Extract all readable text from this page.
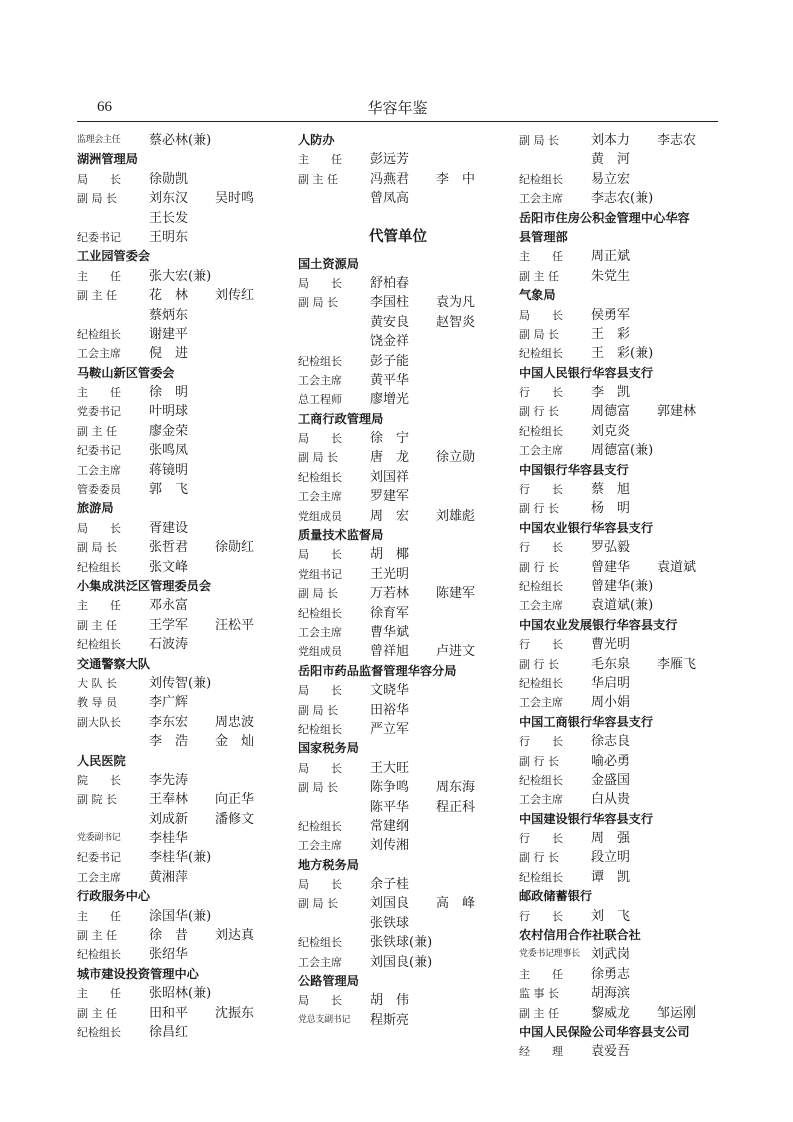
66	华容年鉴
监理会主任 蔡必林(兼)
湖洲管理局
局　　长 徐勋凯
副 局 长 刘东汉 吴时鸣
王长发
纪委书记 王明东
工业园管委会
主　　任 张大宏(兼)
副 主 任 花　林 刘传红
蔡炳东
纪检组长 谢建平
工会主席 倪　进
马鞍山新区管委会
主　　任 徐　明
党委书记 叶明球
副 主 任 廖金荣
纪委书记 张鸣凤
工会主席 蒋镜明
管委委员 郭　飞
旅游局
局　　长 胥建设
副 局 长 张哲君 徐勋红
纪检组长 张文峰
小集成洪泛区管理委员会
主　　任 邓永富
副 主 任 王学军 汪松平
纪检组长 石波涛
交通警察大队
大 队 长 刘传智(兼)
教 导 员 李广辉
副大队长 李东宏 周忠波
李　浩 金　灿
人民医院
院　　长 李先涛
副 院 长 王奉林 向正华
刘成新 潘修文
党委副书记 李桂华
纪委书记 李桂华(兼)
工会主席 黄湘萍
行政服务中心
主　　任 涂国华(兼)
副 主 任 徐　昔 刘达真
纪检组长 张绍华
城市建设投资管理中心
主　　任 张昭林(兼)
副 主 任 田和平 沈振东
纪检组长 徐昌红
人防办
主　　任 彭远芳
副 主 任 冯燕君 李　中
曾凤高
代管单位
国土资源局
局　　长 舒柏春
副 局 长 李国柱 袁为凡
黄安良 赵智炎
饶金祥
纪检组长 彭子能
工会主席 黄平华
总工程师 廖增光
工商行政管理局
局　　长 徐　宁
副 局 长 唐　龙 徐立勋
纪检组长 刘国祥
工会主席 罗建军
党组成员 周　宏 刘雄彪
质量技术监督局
局　　长 胡　椰
党组书记 王光明
副 局 长 万若林 陈建军
纪检组长 徐育军
工会主席 曹华斌
党组成员 曾祥旭 卢进文
岳阳市药品监督管理华容分局
局　　长 文晓华
副 局 长 田裕华
纪检组长 严立军
国家税务局
局　　长 王大旺
副 局 长 陈争鸣 周东海
陈平华 程正科
纪检组长 常建纲
工会主席 刘传湘
地方税务局
局　　长 余子桂
副 局 长 刘国良 高　峰
张铁球
纪检组长 张铁球(兼)
工会主席 刘国良(兼)
公路管理局
局　　长 胡　伟
党总支副书记 程斯亮
副 局 长 刘本力 李志农
黄　河
纪检组长 易立宏
工会主席 李志农(兼)
岳阳市住房公积金管理中心华容
县管理部
主　　任 周正斌
副 主 任 朱党生
气象局
局　　长 侯勇军
副 局 长 王　彩
纪检组长 王　彩(兼)
中国人民银行华容县支行
行　　长 李　凯
副 行 长 周德富 郭建林
纪检组长 刘克炎
工会主席 周德富(兼)
中国银行华容县支行
行　　长 蔡　旭
副 行 长 杨　明
中国农业银行华容县支行
行　　长 罗弘毅
副 行 长 曾建华 袁道斌
纪检组长 曾建华(兼)
工会主席 袁道斌(兼)
中国农业发展银行华容县支行
行　　长 曹光明
副 行 长 毛东泉 李雁飞
纪检组长 华启明
工会主席 周小娟
中国工商银行华容县支行
行　　长 徐志良
副 行 长 喻必勇
纪检组长 金盛国
工会主席 白从贵
中国建设银行华容县支行
行　　长 周　强
副 行 长 段立明
纪检组长 谭　凯
邮政储蓄银行
行　　长 刘　飞
农村信用合作社联合社
党委书记理事长 刘武岗
主　　任 徐勇志
监 事 长 胡海滨
副 主 任 黎威龙 邹运刚
中国人民保险公司华容县支公司
经　　理 袁爱吾
